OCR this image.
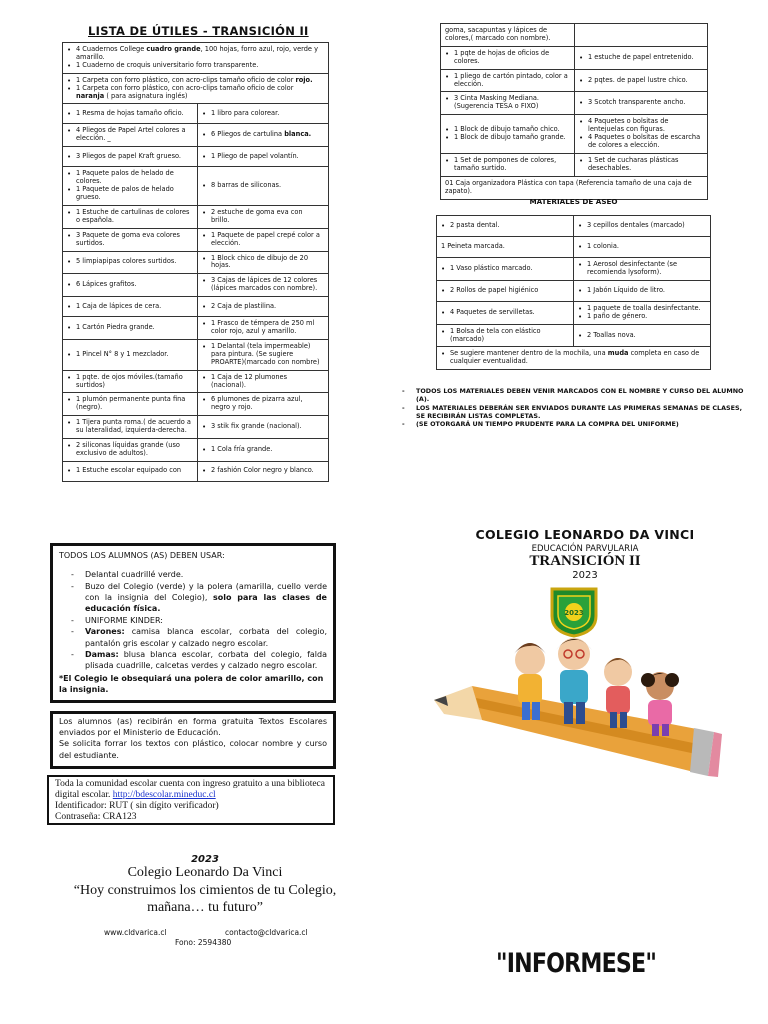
LISTA DE ÚTILES - TRANSICIÓN II
• 4 Cuadernos College cuadro grande, 100 hojas, forro azul, rojo, verde y amarillo.
• 1 Cuaderno de croquis universitario forro transparente.

• 1 Carpeta con forro plástico, con acro-clips tamaño oficio de color rojo.
• 1 Carpeta con forro plástico, con acro-clips tamaño oficio de color naranja ( para asignatura inglés)

• 1 Resma de hojas tamaño oficio.	• 1 libro para colorear.

• 4 Pliegos de Papel Artel colores a elección. _	• 6 Pliegos de cartulina blanca.

• 3 Pliegos de papel Kraft grueso.	• 1 Pliego de papel volantín.

• 1 Paquete palos de helado de colores.
• 1 Paquete de palos de helado grueso.	• 8 barras de siliconas.

• 1 Estuche de cartulinas de colores o española.	• 2 estuche de goma eva con brillo.

• 3 Paquete de goma eva colores surtidos.	• 1 Paquete de papel crepé color a elección.

• 5 limpiapipas colores surtidos.	• 1 Block chico de dibujo de 20 hojas.

• 6 Lápices grafitos.	• 3 Cajas de lápices de 12 colores (lápices marcados con nombre).

• 1 Caja de lápices de cera.	• 2 Caja de plastilina.

• 1 Cartón Piedra grande.	• 1 Frasco de témpera de 250 ml color rojo, azul y amarillo.

• 1 Pincel N° 8 y 1 mezclador.	• 1 Delantal (tela impermeable) para pintura. (Se sugiere PROARTE)(marcado con nombre)

• 1 pqte. de ojos móviles.(tamaño surtidos)	• 1 Caja de 12 plumones (nacional).

• 1 plumón permanente punta fina (negro).	• 6 plumones de pizarra azul, negro y rojo.

• 1 Tijera punta roma.( de acuerdo a su lateralidad, izquierda-derecha.	• 3 stik fix grande (nacional).

• 2 siliconas líquidas grande (uso exclusivo de adultos).	• 1 Cola fría grande.

• 1 Estuche escolar equipado con	• 2 fashión Color negro y blanco.
goma, sacapuntas y lápices de colores,( marcado con nombre).	

• 1 pqte de hojas de oficios de colores.	• 1 estuche de papel entretenido.

• 1 pliego de cartón pintado, color a elección.	• 2 pqtes. de papel lustre chico.

• 3 Cinta Masking Mediana. (Sugerencia TESA o FIXO)	• 3 Scotch transparente ancho.

• 1 Block de dibujo tamaño chico.
• 1 Block de dibujo tamaño grande.	• 4 Paquetes o bolsitas de lentejuelas con figuras.
• 4 Paquetes o bolsitas de escarcha de colores a elección.

• 1 Set de pompones de colores, tamaño surtido.	• 1 Set de cucharas plásticas desechables.

01 Caja organizadora Plástica con tapa (Referencia tamaño de una caja de zapato).	
MATERIALES DE ASEO
• 2 pasta dental.	• 3 cepillos dentales (marcado)

1 Peineta marcada.	• 1 colonia.

• 1 Vaso plástico marcado.	• 1 Aerosol desinfectante (se recomienda lysoform).

• 2 Rollos de papel higiénico	• 1 Jabón Líquido de litro.

• 4 Paquetes de servilletas.	• 1 paquete de toalla desinfectante.
• 1 paño de género.

• 1 Bolsa de tela con elástico (marcado)	• 2 Toallas nova.

• Se sugiere mantener dentro de la mochila, una muda completa en caso de cualquier eventualidad.
- TODOS LOS MATERIALES DEBEN VENIR MARCADOS CON EL NOMBRE Y CURSO DEL ALUMNO (A).
- LOS MATERIALES DEBERÁN SER ENVIADOS DURANTE LAS PRIMERAS SEMANAS DE CLASES, SE RECIBIRÁN LISTAS COMPLETAS.
- (SE OTORGARÁ UN TIEMPO PRUDENTE PARA LA COMPRA DEL UNIFORME)
TODOS LOS ALUMNOS (AS) DEBEN USAR:
- Delantal cuadrillé verde.
- Buzo del Colegio (verde) y la polera (amarilla, cuello verde con la insignia del Colegio), solo para las clases de educación física.
- UNIFORME KINDER:
- Varones: camisa blanca escolar, corbata del colegio, pantalón gris escolar y calzado negro escolar.
- Damas: blusa blanca escolar, corbata del colegio, falda plisada cuadrille, calcetas verdes y calzado negro escolar.
*El Colegio le obsequiará una polera de color amarillo, con la insignia.
Los alumnos (as) recibirán en forma gratuita Textos Escolares enviados por el Ministerio de Educación.
Se solicita forrar los textos con plástico, colocar nombre y curso del estudiante.
Toda la comunidad escolar cuenta con ingreso gratuito a una biblioteca digital escolar. http://bdescolar.mineduc.cl
Identificador: RUT ( sin dígito verificador)
Contraseña: CRA123
2023
Colegio Leonardo Da Vinci
“Hoy construimos los cimientos de tu Colegio,
mañana… tu futuro”
www.cldvarica.cl	contacto@cldvarica.cl
Fono: 2594380
COLEGIO LEONARDO DA VINCI
EDUCACIÓN PARVULARIA
TRANSICIÓN II
2023
2023
"INFORMESE"
